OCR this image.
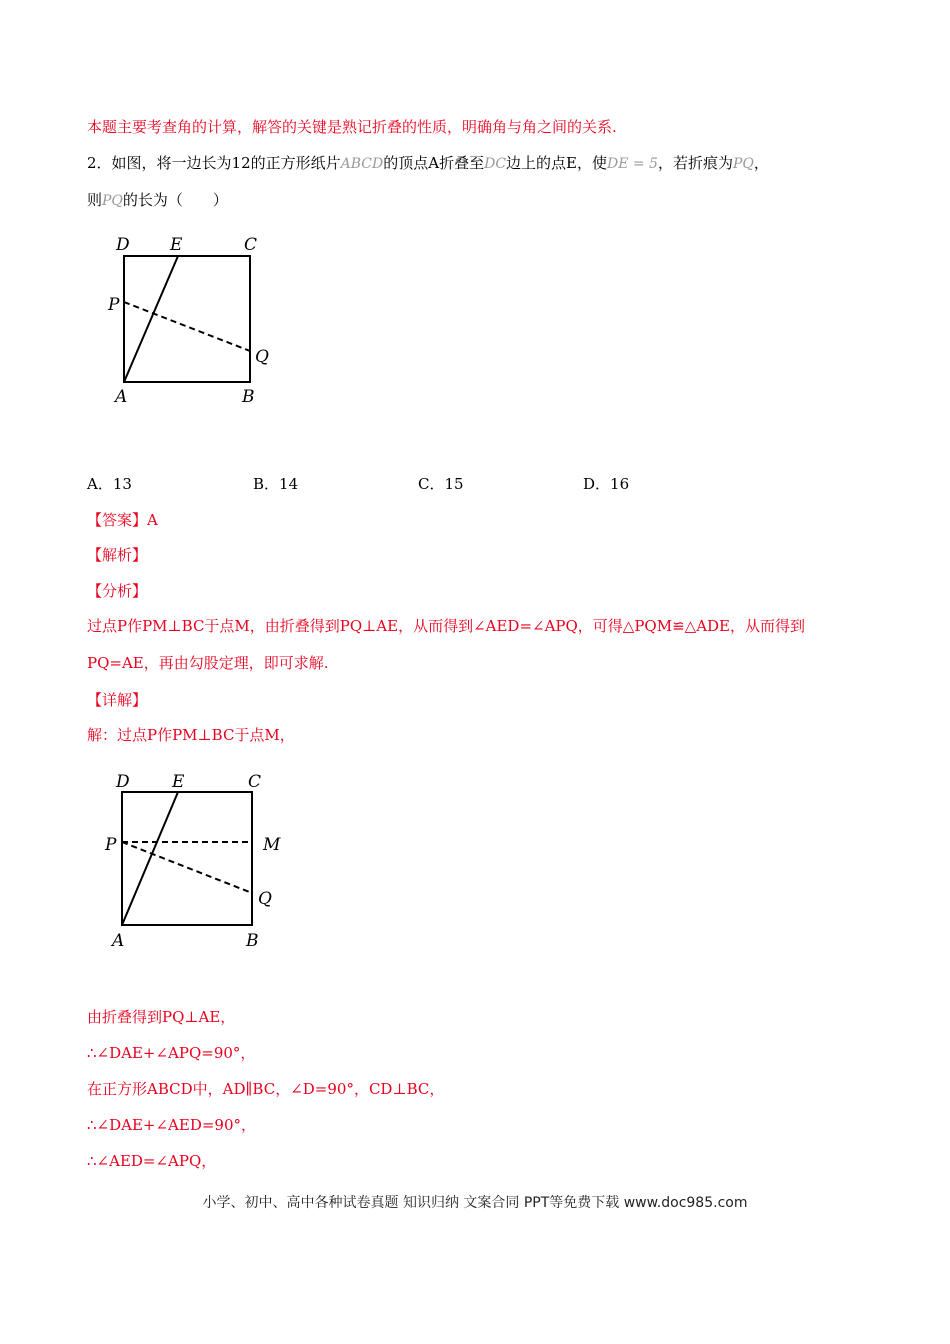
本题主要考查角的计算，解答的关键是熟记折叠的性质，明确角与角之间的关系.
2．如图，将一边长为12的正方形纸片ABCD的顶点A折叠至DC边上的点E，使DE = 5，若折痕为PQ，
则PQ的长为（　　）
D E	C
P
Q
A	B
A．13	B．14	C．15	D．16
【答案】A
【解析】
【分析】
过点P作PM⊥BC于点M，由折叠得到PQ⊥AE，从而得到∠AED=∠APQ，可得△PQM≌△ADE，从而得到
PQ=AE，再由勾股定理，即可求解.
【详解】
解：过点P作PM⊥BC于点M，
D E	C
P	M
Q
A	B
由折叠得到PQ⊥AE，
∴∠DAE+∠APQ=90°，
在正方形ABCD中，AD∥BC，∠D=90°，CD⊥BC，
∴∠DAE+∠AED=90°，
∴∠AED=∠APQ，
小学、初中、高中各种试卷真题 知识归纳 文案合同 PPT等免费下载 www.doc985.com
